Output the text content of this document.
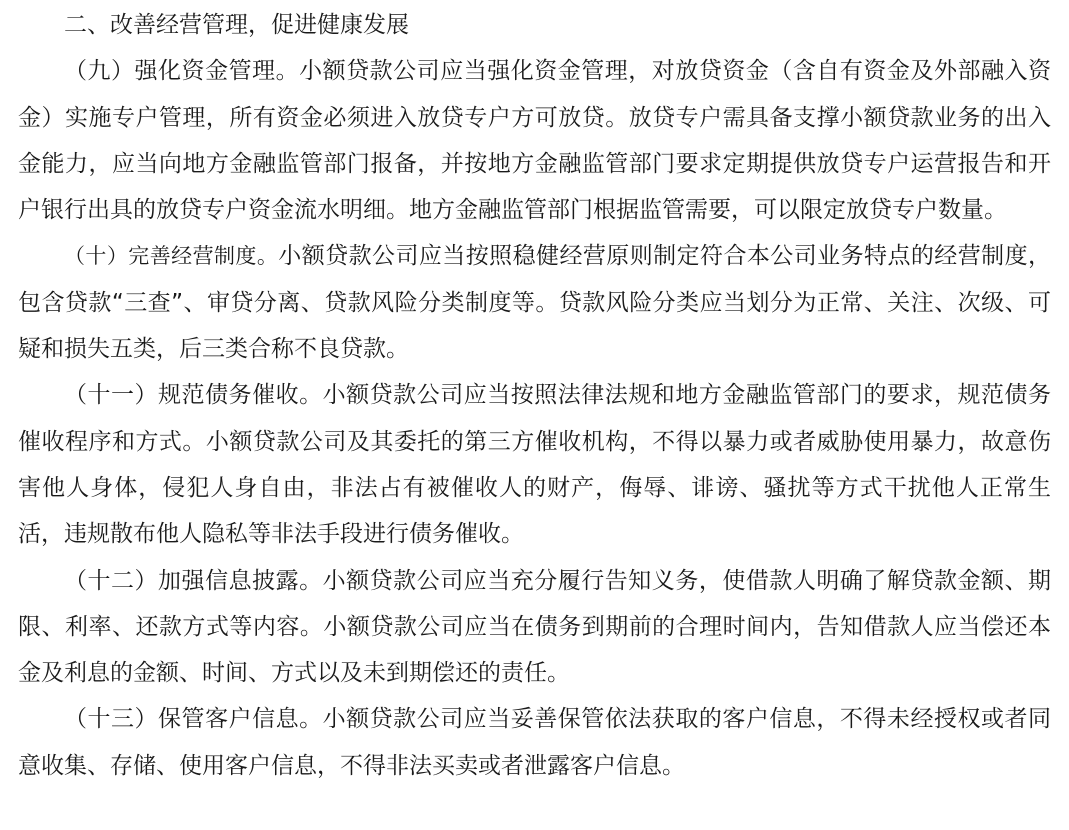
二、改善经营管理，促进健康发展

（九）强化资金管理。小额贷款公司应当强化资金管理，对放贷资金（含自有资金及外部融入资金）实施专户管理，所有资金必须进入放贷专户方可放贷。放贷专户需具备支撑小额贷款业务的出入金能力，应当向地方金融监管部门报备，并按地方金融监管部门要求定期提供放贷专户运营报告和开户银行出具的放贷专户资金流水明细。地方金融监管部门根据监管需要，可以限定放贷专户数量。

（十）完善经营制度。小额贷款公司应当按照稳健经营原则制定符合本公司业务特点的经营制度，包含贷款“三查”、审贷分离、贷款风险分类制度等。贷款风险分类应当划分为正常、关注、次级、可疑和损失五类，后三类合称不良贷款。

（十一）规范债务催收。小额贷款公司应当按照法律法规和地方金融监管部门的要求，规范债务催收程序和方式。小额贷款公司及其委托的第三方催收机构，不得以暴力或者威胁使用暴力，故意伤害他人身体，侵犯人身自由，非法占有被催收人的财产，侮辱、诽谤、骚扰等方式干扰他人正常生活，违规散布他人隐私等非法手段进行债务催收。

（十二）加强信息披露。小额贷款公司应当充分履行告知义务，使借款人明确了解贷款金额、期限、利率、还款方式等内容。小额贷款公司应当在债务到期前的合理时间内，告知借款人应当偿还本金及利息的金额、时间、方式以及未到期偿还的责任。

（十三）保管客户信息。小额贷款公司应当妥善保管依法获取的客户信息，不得未经授权或者同意收集、存储、使用客户信息，不得非法买卖或者泄露客户信息。
